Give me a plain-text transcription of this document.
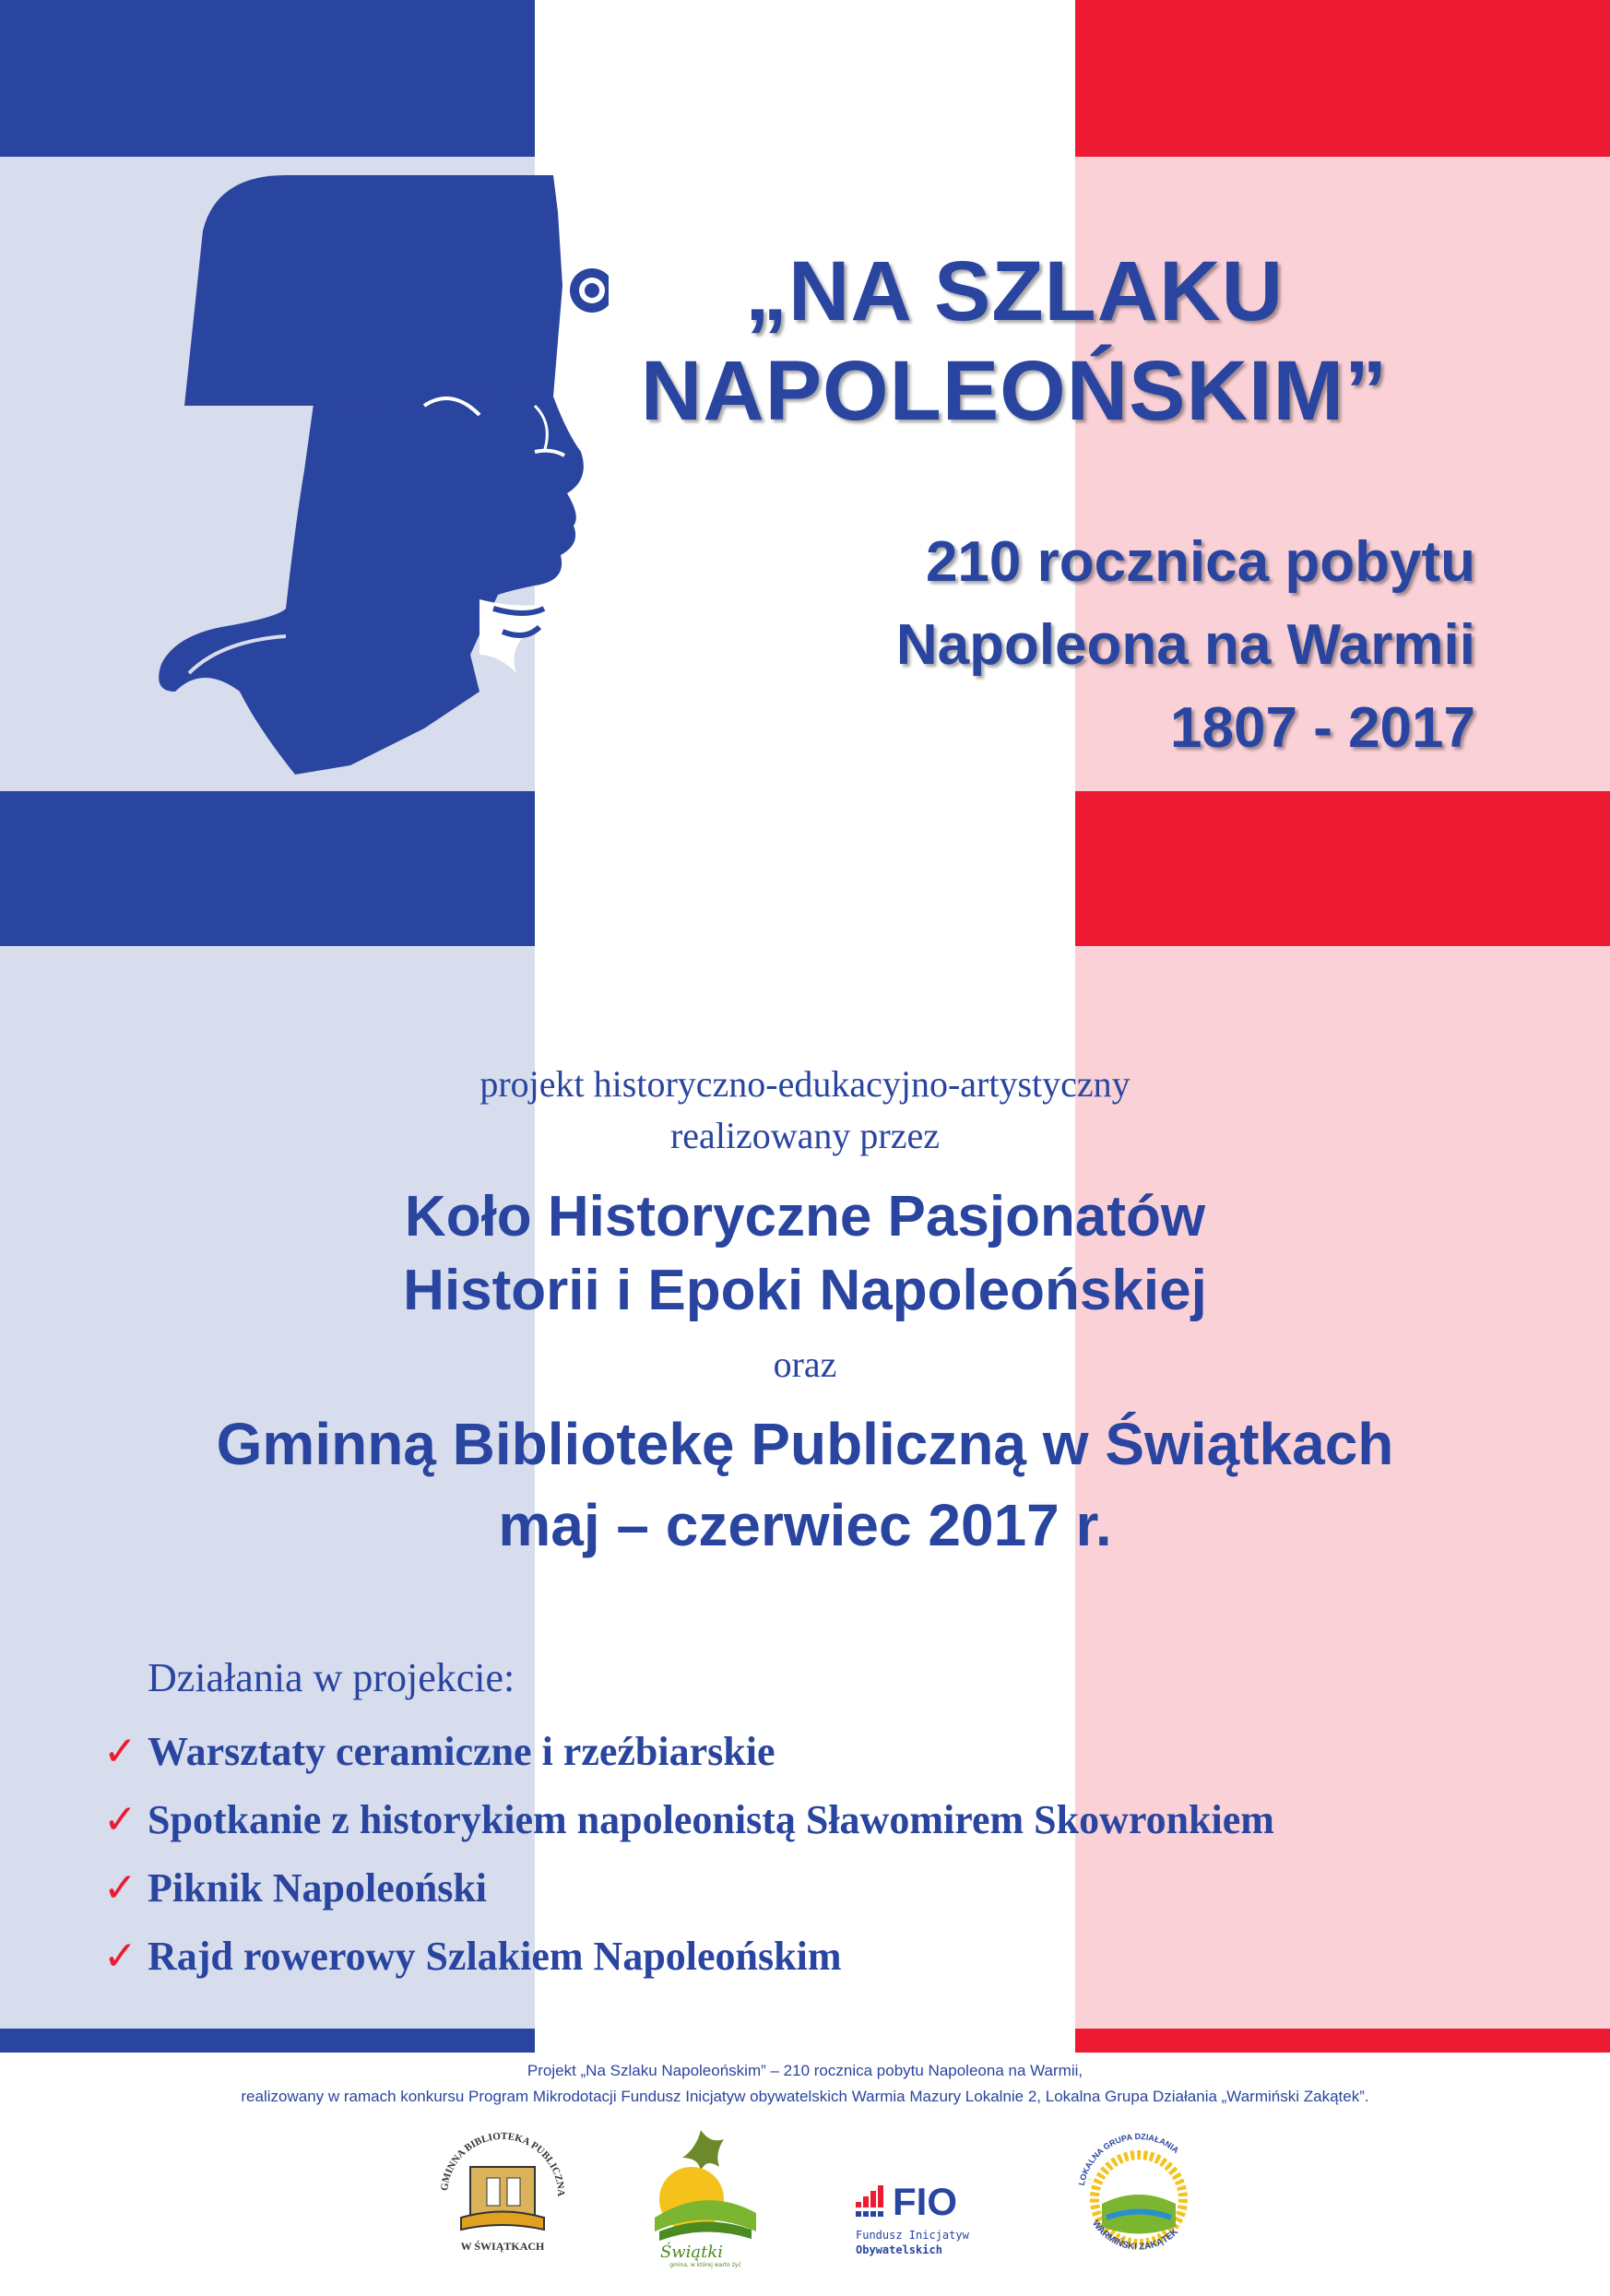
„NA SZLAKU
NAPOLEOŃSKIM”
210 rocznica pobytu
Napoleona na Warmii
1807 - 2017
projekt historyczno-edukacyjno-artystyczny
realizowany przez
Koło Historyczne Pasjonatów
Historii i Epoki Napoleońskiej
oraz
Gminną Bibliotekę Publiczną w Świątkach
maj – czerwiec 2017 r.
Działania w projekcie:
✓ Warsztaty ceramiczne i rzeźbiarskie
✓ Spotkanie z historykiem napoleonistą Sławomirem Skowronkiem
✓ Piknik Napoleoński
✓ Rajd rowerowy Szlakiem Napoleońskim
Projekt „Na Szlaku Napoleońskim” – 210 rocznica pobytu Napoleona na Warmii,
realizowany w ramach konkursu Program Mikrodotacji Fundusz Inicjatyw obywatelskich Warmia Mazury Lokalnie 2, Lokalna Grupa Działania „Warmiński Zakątek”.
GMINNA BIBLIOTEKA PUBLICZNA
W ŚWIĄTKACH	Świątki
gmina, w której warto żyć
FIO
Fundusz Inicjatyw
Obywatelskich
LOKALNA GRUPA DZIAŁANIA
WARMIŃSKI ZAKĄTEK
